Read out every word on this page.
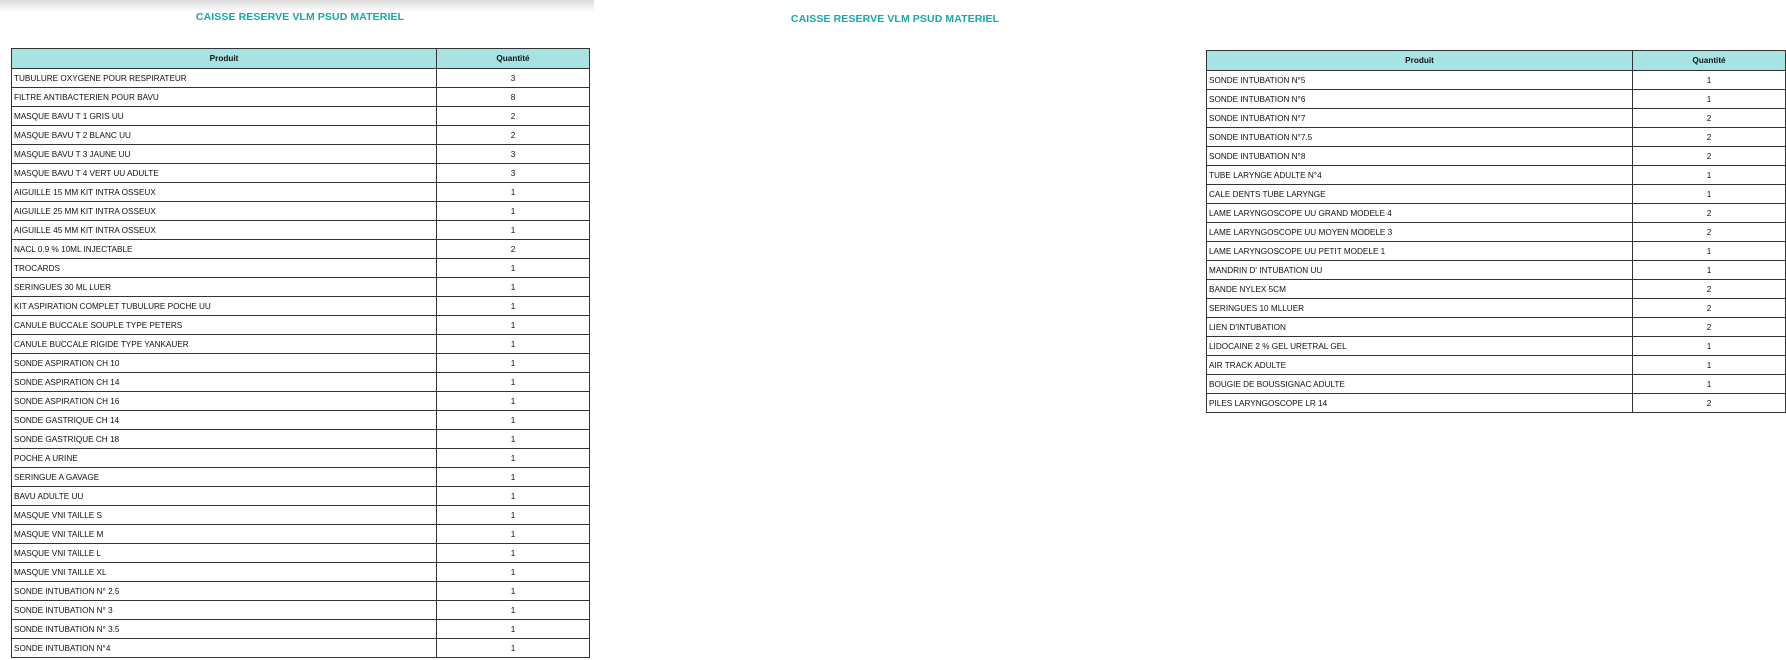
CAISSE RESERVE VLM PSUD MATERIEL
Produit	Quantité
TUBULURE OXYGENE POUR RESPIRATEUR	3
FILTRE ANTIBACTERIEN POUR BAVU	8
MASQUE BAVU T 1 GRIS UU	2
MASQUE BAVU T 2 BLANC UU	2
MASQUE BAVU T 3 JAUNE UU	3
MASQUE BAVU T 4 VERT UU ADULTE	3
AIGUILLE 15 MM KIT INTRA OSSEUX	1
AIGUILLE 25 MM KIT INTRA OSSEUX	1
AIGUILLE 45 MM KIT INTRA OSSEUX	1
NACL 0.9 % 10ML INJECTABLE	2
TROCARDS	1
SERINGUES 30 ML LUER	1
KIT ASPIRATION COMPLET TUBULURE POCHE UU	1
CANULE BUCCALE SOUPLE TYPE PETERS	1
CANULE BUCCALE RIGIDE TYPE YANKAUER	1
SONDE ASPIRATION CH 10	1
SONDE ASPIRATION CH 14	1
SONDE ASPIRATION CH 16	1
SONDE GASTRIQUE CH 14	1
SONDE GASTRIQUE CH 18	1
POCHE A URINE	1
SERINGUE A GAVAGE	1
BAVU ADULTE UU	1
MASQUE VNI TAILLE S	1
MASQUE VNI TAILLE M	1
MASQUE VNI TAILLE L	1
MASQUE VNI TAILLE XL	1
SONDE INTUBATION N° 2.5	1
SONDE INTUBATION N° 3	1
SONDE INTUBATION N° 3.5	1
SONDE INTUBATION N°4	1
CAISSE RESERVE VLM PSUD MATERIEL
Produit	Quantité
SONDE INTUBATION N°5	1
SONDE INTUBATION N°6	1
SONDE INTUBATION N°7	2
SONDE INTUBATION N°7.5	2
SONDE INTUBATION N°8	2
TUBE LARYNGE ADULTE N°4	1
CALE DENTS TUBE LARYNGE	1
LAME LARYNGOSCOPE UU GRAND MODELE 4	2
LAME LARYNGOSCOPE UU MOYEN MODELE 3	2
LAME LARYNGOSCOPE UU PETIT MODELE 1	1
MANDRIN D' INTUBATION UU	1
BANDE NYLEX 5CM	2
SERINGUES 10 MLLUER	2
LIEN D'INTUBATION	2
LIDOCAINE 2 % GEL URETRAL GEL	1
AIR TRACK ADULTE	1
BOUGIE DE BOUSSIGNAC ADULTE	1
PILES LARYNGOSCOPE LR 14	2
